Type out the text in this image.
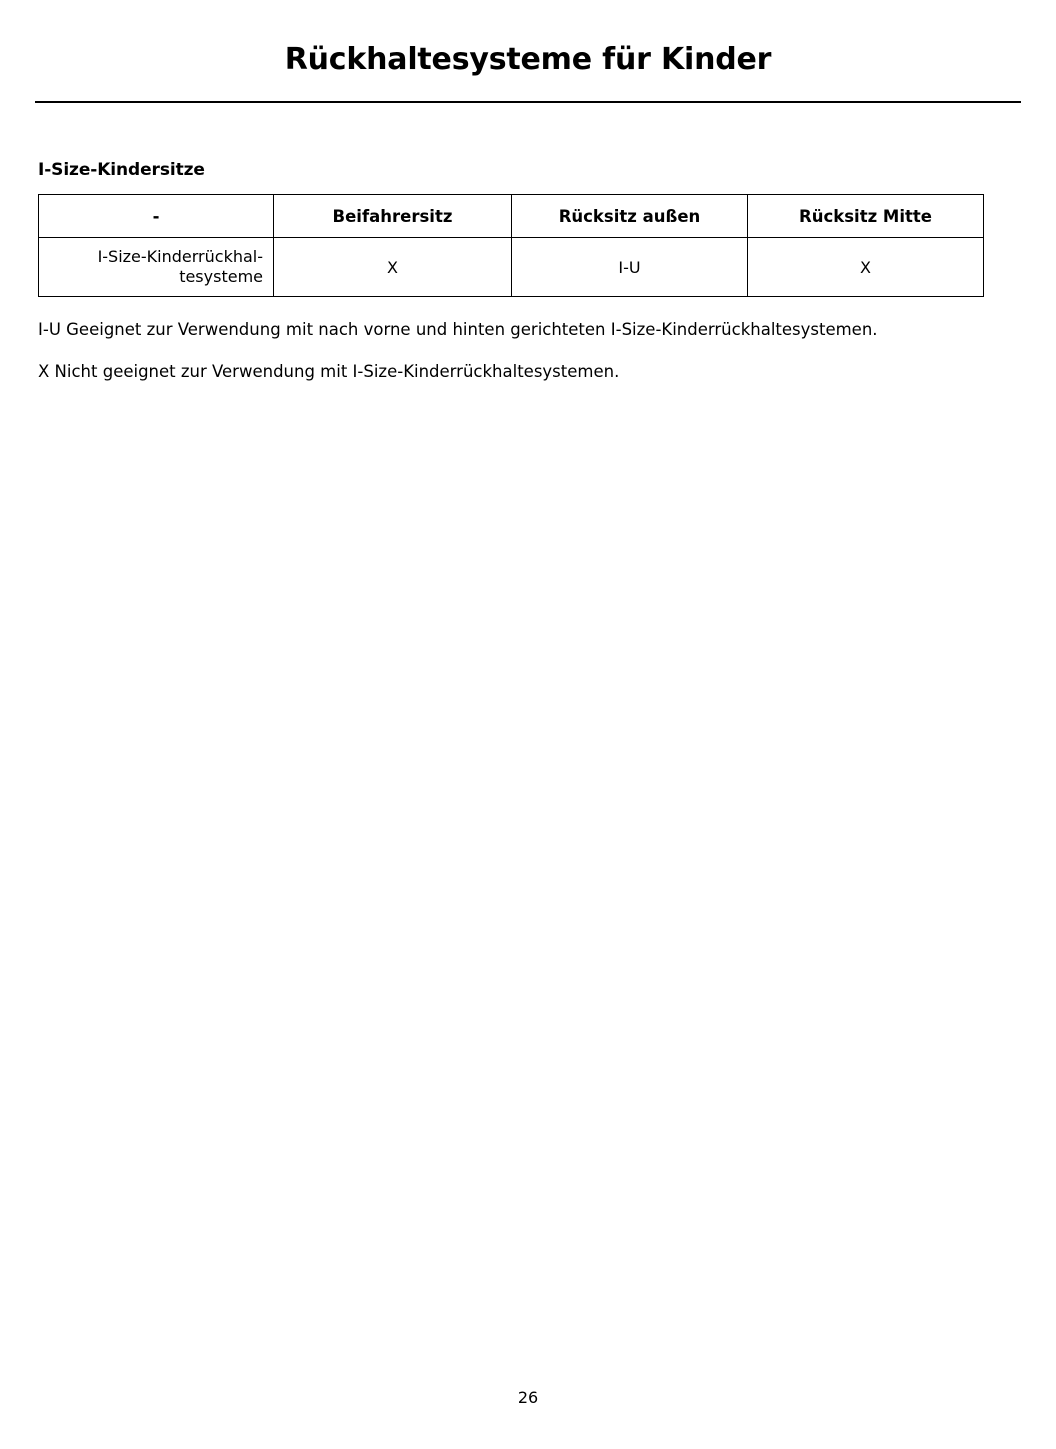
Rückhaltesysteme für Kinder
I-Size-Kindersitze
-	Beifahrersitz	Rücksitz außen	Rücksitz Mitte
I-Size-Kinderrückhal-
tesysteme	X	I-U	X

I-U Geeignet zur Verwendung mit nach vorne und hinten gerichteten I-Size-Kinderrückhaltesystemen.

X Nicht geeignet zur Verwendung mit I-Size-Kinderrückhaltesystemen.

26
